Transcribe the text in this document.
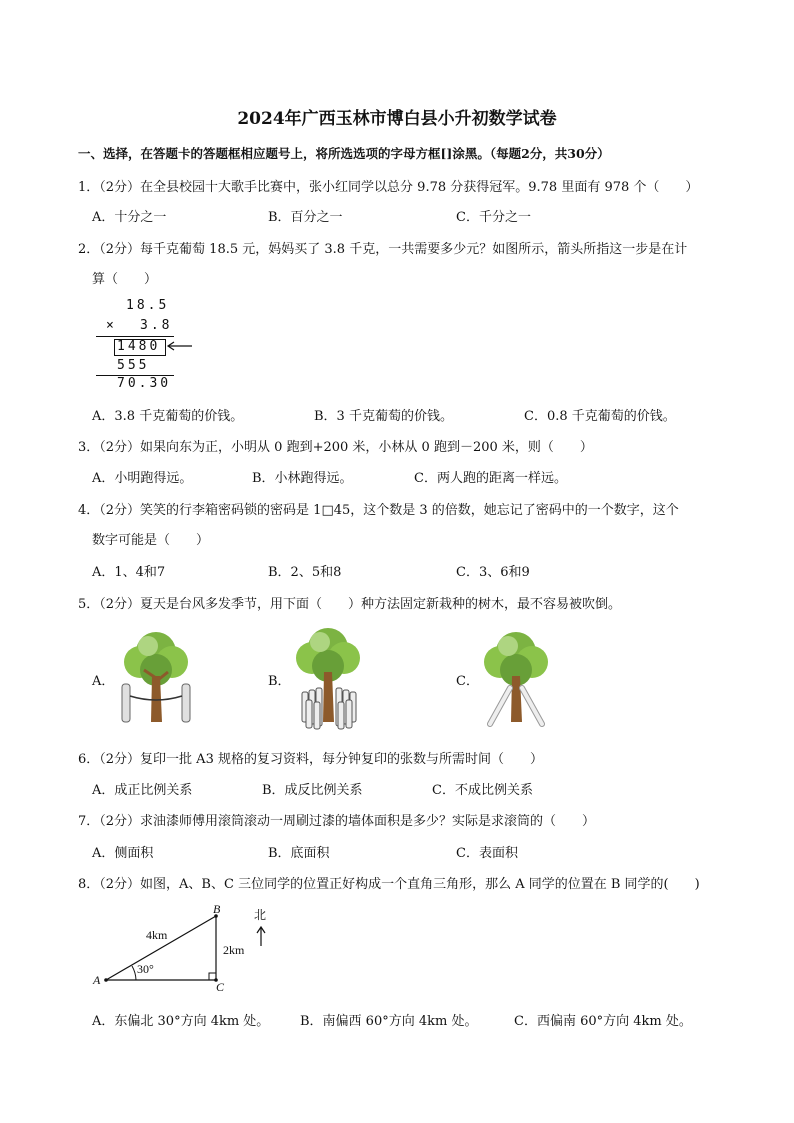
2024年广西玉林市博白县小升初数学试卷
一、选择，在答题卡的答题框相应题号上，将所选选项的字母方框[]涂黑。（每题2分，共30分）
1．（2分）在全县校园十大歌手比赛中，张小红同学以总分 9.78 分获得冠军。9.78 里面有 978 个（　　）
A．十分之一	B．百分之一	C．千分之一
2．（2分）每千克葡萄 18.5 元，妈妈买了 3.8 千克，一共需要多少元？如图所示，箭头所指这一步是在计
算（　　）
18.5
× 3.8
1480
555
70.30
A．3.8 千克葡萄的价钱。	B．3 千克葡萄的价钱。	C．0.8 千克葡萄的价钱。
3．（2分）如果向东为正，小明从 0 跑到+200 米，小林从 0 跑到－200 米，则（　　）
A．小明跑得远。	B．小林跑得远。	C．两人跑的距离一样远。
4．（2分）笑笑的行李箱密码锁的密码是 1□45，这个数是 3 的倍数，她忘记了密码中的一个数字，这个
数字可能是（　　）
A．1、4和7	B．2、5和8	C．3、6和9
5．（2分）夏天是台风多发季节，用下面（　　）种方法固定新栽种的树木，最不容易被吹倒。
A．	B．	C．
6．（2分）复印一批 A3 规格的复习资料，每分钟复印的张数与所需时间（　　）
A．成正比例关系	B．成反比例关系	C．不成比例关系
7．（2分）求油漆师傅用滚筒滚动一周刷过漆的墙体面积是多少？实际是求滚筒的（　　）
A．侧面积	B．底面积	C．表面积
8．（2分）如图，A、B、C 三位同学的位置正好构成一个直角三角形，那么 A 同学的位置在 B 同学的(　　)
A
B
C
4km
2km
30°
北
A．东偏北 30°方向 4km 处。 B．南偏西 60°方向 4km 处。	C．西偏南 60°方向 4km 处。
